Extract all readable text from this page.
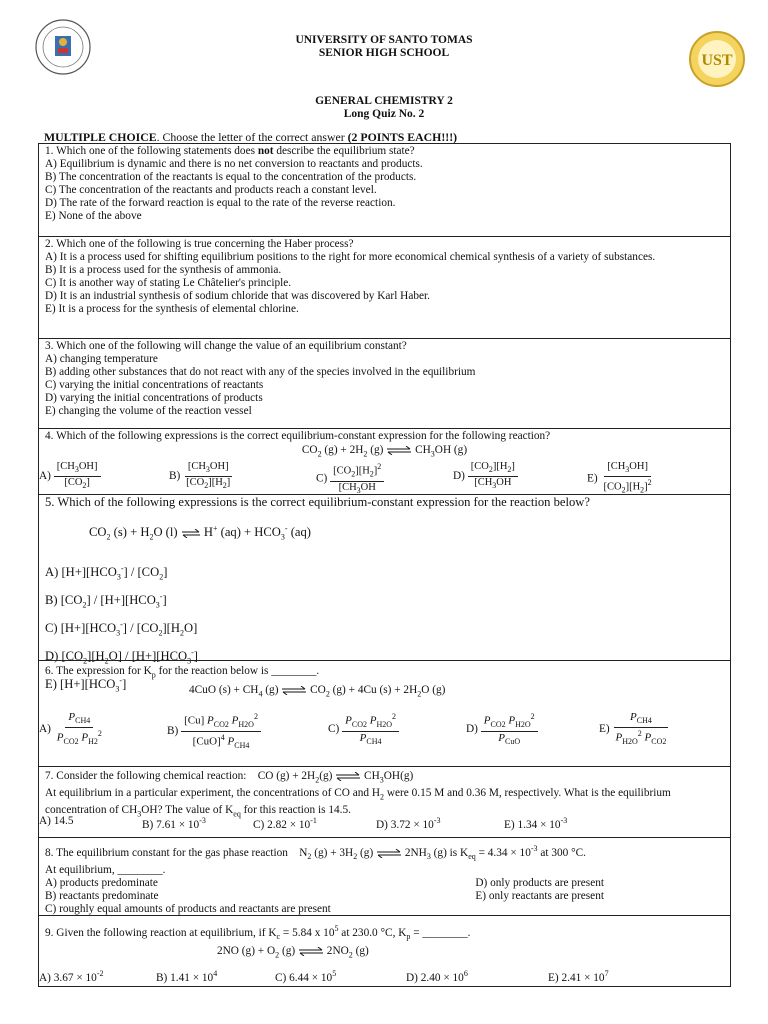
UST
UNIVERSITY OF SANTO TOMAS
SENIOR HIGH SCHOOL
GENERAL CHEMISTRY 2
Long Quiz No. 2
MULTIPLE CHOICE. Choose the letter of the correct answer (2 POINTS EACH!!!)

1. Which one of the following statements does not describe the equilibrium state?

A) Equilibrium is dynamic and there is no net conversion to reactants and products.

B) The concentration of the reactants is equal to the concentration of the products.

C) The concentration of the reactants and products reach a constant level.

D) The rate of the forward reaction is equal to the rate of the reverse reaction.

E) None of the above

2. Which one of the following is true concerning the Haber process?

A) It is a process used for shifting equilibrium positions to the right for more economical chemical synthesis of a variety of substances.

B) It is a process used for the synthesis of ammonia.

C) It is another way of stating Le Châtelier's principle.

D) It is an industrial synthesis of sodium chloride that was discovered by Karl Haber.

E) It is a process for the synthesis of elemental chlorine.

3. Which one of the following will change the value of an equilibrium constant?

A) changing temperature

B) adding other substances that do not react with any of the species involved in the equilibrium

C) varying the initial concentrations of reactants

D) varying the initial concentrations of products

E) changing the volume of the reaction vessel

4. Which of the following expressions is the correct equilibrium-constant expression for the following reaction?

$CO_2$ $(g) + 2H_2$ (g) ⇌ $CH_3OH$ (g)

$A) \frac{[CH_3OH]}{[CO_2]}$	$B) \frac{[CH_3OH]}{[CO_2][H_2]}$	$C) \frac{[CO_2][H_2]^2}{[CH_3OH}$	$D) \frac{[CO_2][H_2]}{[CH_3OH}$	$E) \frac{[CH_3OH]}{[CO_2][H_2]^2}$

5. Which of the following expressions is the correct equilibrium-constant expression for the reaction below?

$CO_2$ $(s) + H_2O$ (l) ⇌ H+ $(aq) + HCO_3^-$ (aq)

A) $[H+][HCO_3^-] / [CO_2]$

B) $[CO_2] / [H+][HCO_3^-]$

C) $[H+][HCO_3^-] / [CO_2][H_2O]$

D) $[CO_2][H_2O] / [H+][HCO_3^-]$

E) $[H+][HCO_3^-]$

6. The expression for $K_p$ for the reaction below is ________.

4CuO $(s) + CH_4$ (g) ⇌ $CO_2$ (g) + 4Cu $(s) + 2H_2O$ (g)

$A) \frac{P_{CH4}}{P_{CO2} P_{H2}^2}$	$B) \frac{[Cu] P_{CO2} P_{H2O}^2}{[CuO]^4 P_{CH4}}$	$C) \frac{P_{CO2} P_{H2O}^2}{P_{CH4}}$	$D) \frac{P_{CO2} P_{H2O}^2}{P_{CuO}}$	$E) \frac{P_{CH4}}{P_{H2O}^2 P_{CO2}}$

7. Consider the following chemical reaction:    CO $(g) + 2H_2(g)$ ⇌ $CH_3OH(g)$

At equilibrium in a particular experiment, the concentrations of CO and $H_2$ were 0.15 M and 0.36 M, respectively. What is the equilibrium concentration of $CH_3OH$? The value of $K_{eq}$ for this reaction is 14.5.

A) 14.5	B) $7.61 \times 10^{-3}$	C) $2.82 \times 10^{-1}$	D) $3.72 \times 10^{-3}$	E) $1.34 \times 10^{-3}$

8. The equilibrium constant for the gas phase reaction    $N_2$ $(g) + 3H_2$ (g) ⇌ $2NH_3$ (g) is $K_{eq} = 4.34 \times 10^{-3}$ at 300 °C.

At equilibrium, ________.

A) products predominate	D) only products are present
B) reactants predominate	E) only reactants are present

C) roughly equal amounts of products and reactants are present

9. Given the following reaction at equilibrium, if $K_c = 5.84$ x $10^5$ at 230.0 °C, $K_p$ = ________.

2NO $(g) + O_2$ (g) ⇌ $2NO_2$ (g)

A) $3.67 \times 10^{-2}$	B) $1.41 \times 10^4$	C) $6.44 \times 10^5$	D) $2.40 \times 10^6$	E) $2.41 \times 10^7$
